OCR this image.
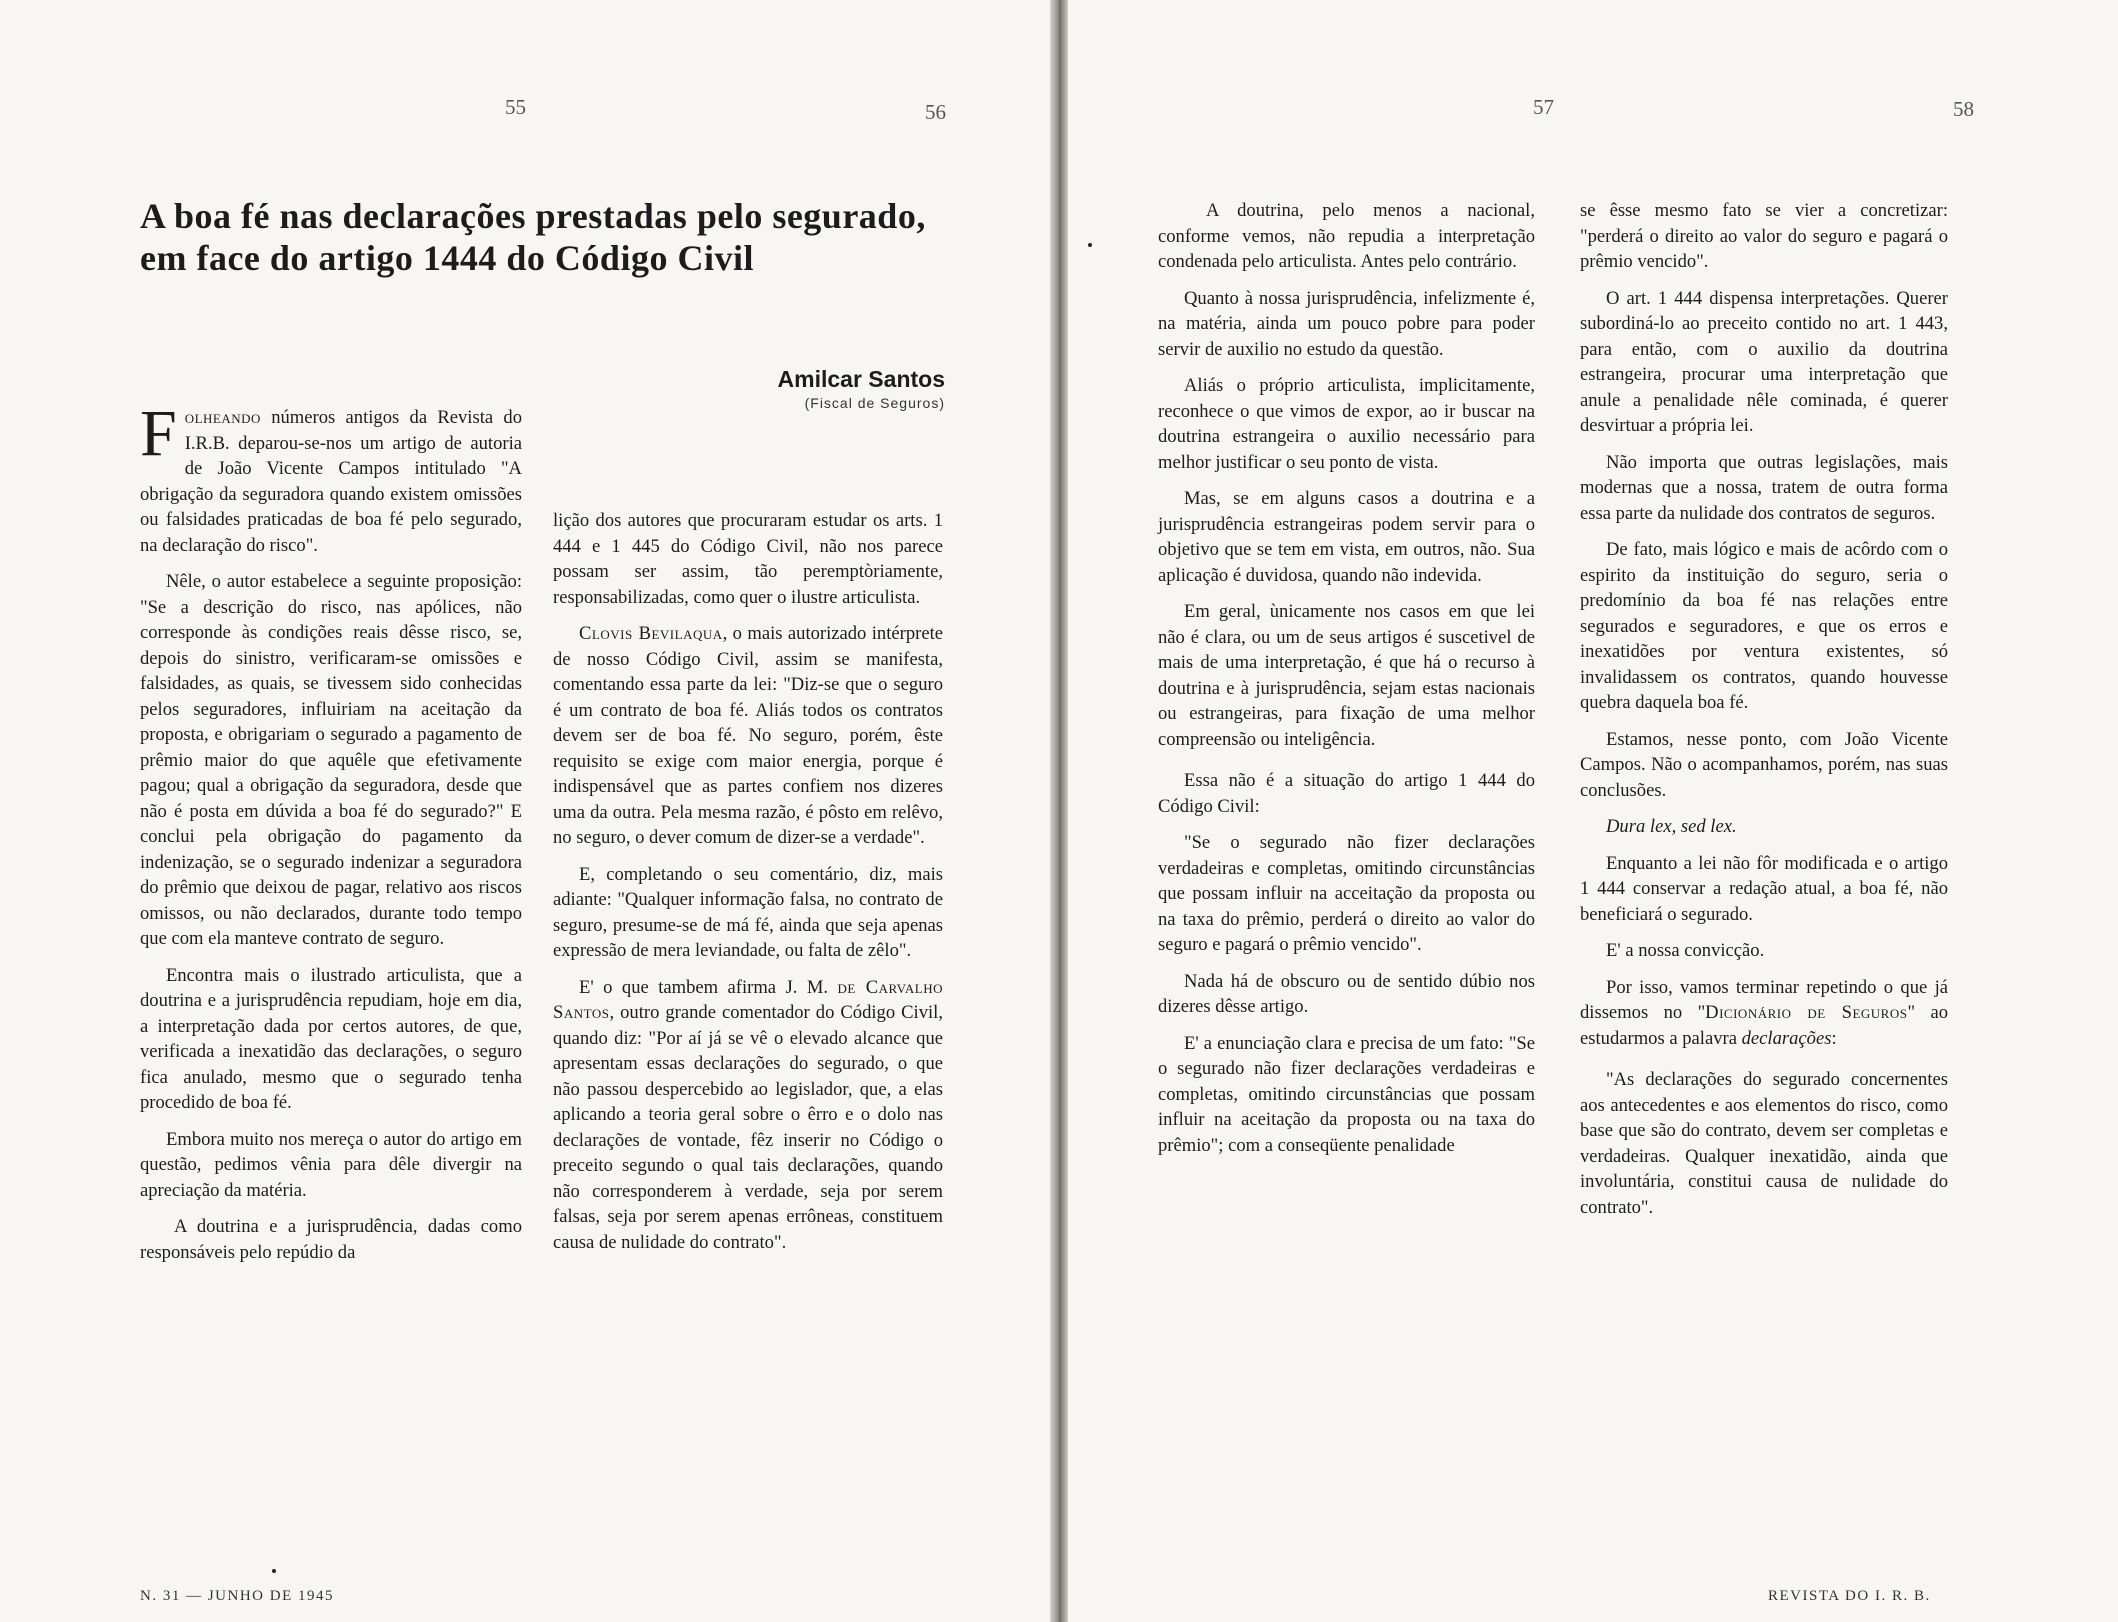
55	56
A boa fé nas declarações prestadas pelo segurado, em face do artigo 1444 do Código Civil
Amilcar Santos
(Fiscal de Seguros)

Folheando números antigos da Revista do I.R.B. deparou-se-nos um artigo de autoria de João Vicente Campos intitulado "A obrigação da seguradora quando existem omissões ou falsidades praticadas de boa fé pelo segurado, na declaração do risco".

Nêle, o autor estabelece a seguinte proposição: "Se a descrição do risco, nas apólices, não corresponde às condições reais dêsse risco, se, depois do sinistro, verificaram-se omissões e falsidades, as quais, se tivessem sido conhecidas pelos seguradores, influiriam na aceitação da proposta, e obrigariam o segurado a pagamento de prêmio maior do que aquêle que efetivamente pagou; qual a obrigação da seguradora, desde que não é posta em dúvida a boa fé do segurado?" E conclui pela obrigação do pagamento da indenização, se o segurado indenizar a seguradora do prêmio que deixou de pagar, relativo aos riscos omissos, ou não declarados, durante todo tempo que com ela manteve contrato de seguro.

Encontra mais o ilustrado articulista, que a doutrina e a jurisprudência repudiam, hoje em dia, a interpretação dada por certos autores, de que, verificada a inexatidão das declarações, o seguro fica anulado, mesmo que o segurado tenha procedido de boa fé.

Embora muito nos mereça o autor do artigo em questão, pedimos vênia para dêle divergir na apreciação da matéria.

A doutrina e a jurisprudência, dadas como responsáveis pelo repúdio da

lição dos autores que procuraram estudar os arts. 1 444 e 1 445 do Código Civil, não nos parece possam ser assim, tão peremptòriamente, responsabilizadas, como quer o ilustre articulista.

Clovis Bevilaqua, o mais autorizado intérprete de nosso Código Civil, assim se manifesta, comentando essa parte da lei: "Diz-se que o seguro é um contrato de boa fé. Aliás todos os contratos devem ser de boa fé. No seguro, porém, êste requisito se exige com maior energia, porque é indispensável que as partes confiem nos dizeres uma da outra. Pela mesma razão, é pôsto em relêvo, no seguro, o dever comum de dizer-se a verdade".

E, completando o seu comentário, diz, mais adiante: "Qualquer informação falsa, no contrato de seguro, presume-se de má fé, ainda que seja apenas expressão de mera leviandade, ou falta de zêlo".

E' o que tambem afirma J. M. de Carvalho Santos, outro grande comentador do Código Civil, quando diz: "Por aí já se vê o elevado alcance que apresentam essas declarações do segurado, o que não passou despercebido ao legislador, que, a elas aplicando a teoria geral sobre o êrro e o dolo nas declarações de vontade, fêz inserir no Código o preceito segundo o qual tais declarações, quando não corresponderem à verdade, seja por serem falsas, seja por serem apenas errôneas, constituem causa de nulidade do contrato".

N. 31 — JUNHO DE 1945
57	58

A doutrina, pelo menos a nacional, conforme vemos, não repudia a interpretação condenada pelo articulista. Antes pelo contrário.

Quanto à nossa jurisprudência, infelizmente é, na matéria, ainda um pouco pobre para poder servir de auxilio no estudo da questão.

Aliás o próprio articulista, implicitamente, reconhece o que vimos de expor, ao ir buscar na doutrina estrangeira o auxilio necessário para melhor justificar o seu ponto de vista.

Mas, se em alguns casos a doutrina e a jurisprudência estrangeiras podem servir para o objetivo que se tem em vista, em outros, não. Sua aplicação é duvidosa, quando não indevida.

Em geral, ùnicamente nos casos em que lei não é clara, ou um de seus artigos é suscetivel de mais de uma interpretação, é que há o recurso à doutrina e à jurisprudência, sejam estas nacionais ou estrangeiras, para fixação de uma melhor compreensão ou inteligência.

Essa não é a situação do artigo 1 444 do Código Civil:

"Se o segurado não fizer declarações verdadeiras e completas, omitindo circunstâncias que possam influir na acceitação da proposta ou na taxa do prêmio, perderá o direito ao valor do seguro e pagará o prêmio vencido".

Nada há de obscuro ou de sentido dúbio nos dizeres dêsse artigo.

E' a enunciação clara e precisa de um fato: "Se o segurado não fizer declarações verdadeiras e completas, omitindo circunstâncias que possam influir na aceitação da proposta ou na taxa do prêmio"; com a conseqüente penalidade

se êsse mesmo fato se vier a concretizar: "perderá o direito ao valor do seguro e pagará o prêmio vencido".

O art. 1 444 dispensa interpretações. Querer subordiná-lo ao preceito contido no art. 1 443, para então, com o auxilio da doutrina estrangeira, procurar uma interpretação que anule a penalidade nêle cominada, é querer desvirtuar a própria lei.

Não importa que outras legislações, mais modernas que a nossa, tratem de outra forma essa parte da nulidade dos contratos de seguros.

De fato, mais lógico e mais de acôrdo com o espirito da instituição do seguro, seria o predomínio da boa fé nas relações entre segurados e seguradores, e que os erros e inexatidões por ventura existentes, só invalidassem os contratos, quando houvesse quebra daquela boa fé.

Estamos, nesse ponto, com João Vicente Campos. Não o acompanhamos, porém, nas suas conclusões.

Dura lex, sed lex.

Enquanto a lei não fôr modificada e o artigo 1 444 conservar a redação atual, a boa fé, não beneficiará o segurado.

E' a nossa convicção.

Por isso, vamos terminar repetindo o que já dissemos no "Dicionário de Seguros" ao estudarmos a palavra declarações:

"As declarações do segurado concernentes aos antecedentes e aos elementos do risco, como base que são do contrato, devem ser completas e verdadeiras. Qualquer inexatidão, ainda que involuntária, constitui causa de nulidade do contrato".

REVISTA DO I. R. B.
